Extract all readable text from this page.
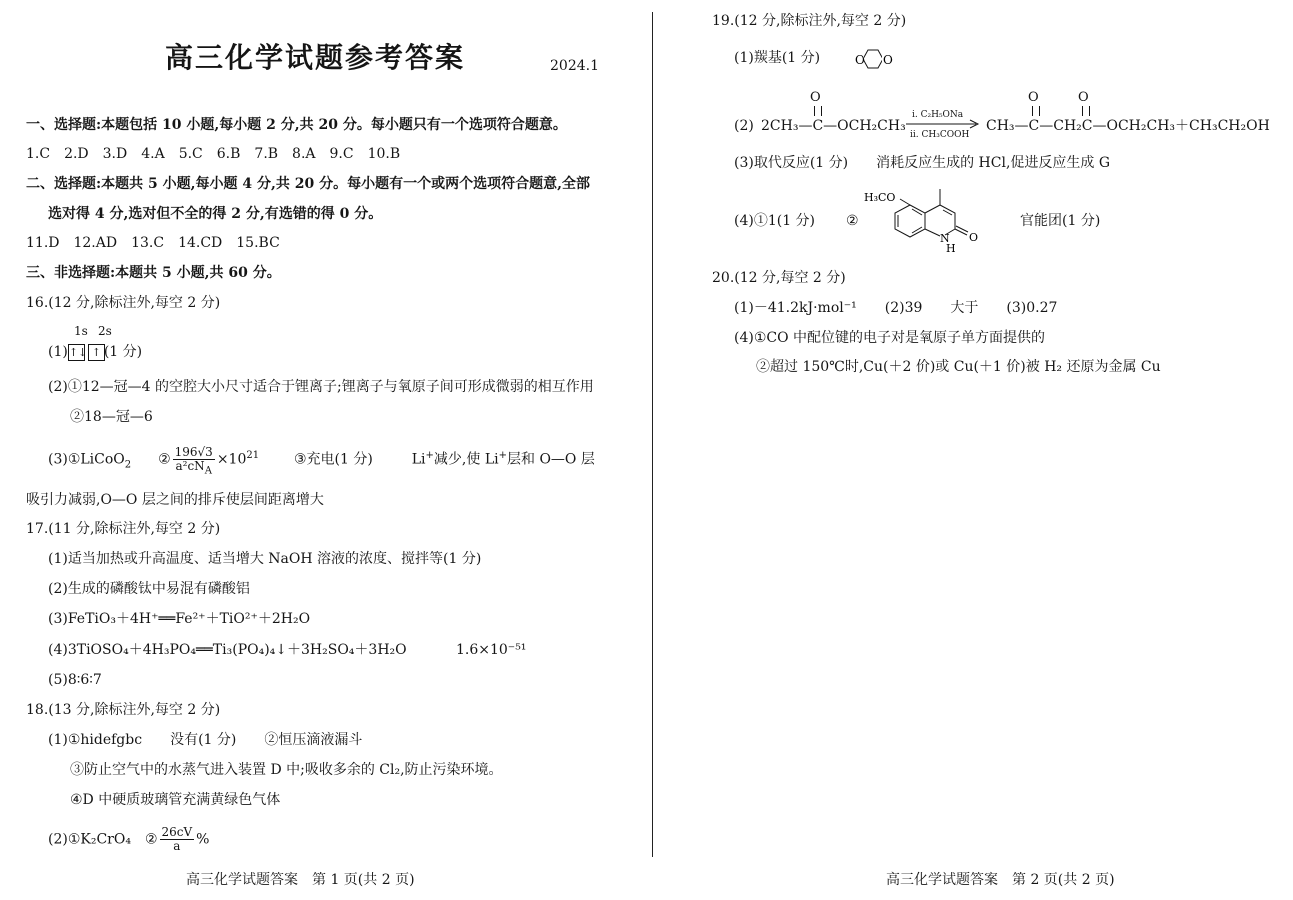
高三化学试题参考答案	2024.1
一、选择题:本题包括 10 小题,每小题 2 分,共 20 分。每小题只有一个选项符合题意。
1.C　2.D　3.D　4.A　5.C　6.B　7.B　8.A　9.C　10.B
二、选择题:本题共 5 小题,每小题 4 分,共 20 分。每小题有一个或两个选项符合题意,全部
选对得 4 分,选对但不全的得 2 分,有选错的得 0 分。
11.D　12.AD　13.C　14.CD　15.BC
三、非选择题:本题共 5 小题,共 60 分。
16.(12 分,除标注外,每空 2 分)
1s 2s
(1)↑↓ ↑ (1 分)
(2)①12—冠—4 的空腔大小尺寸适合于锂离子;锂离子与氧原子间可形成微弱的相互作用
②18—冠—6
(3)①LiCoO$_2$ ② $\frac{196√3}{a^2cN_A} \times 10^{21}$ ③充电(1 分)	Li+减少,使 Li+层和 O—O 层
吸引力减弱,O—O 层之间的排斥使层间距离增大
17.(11 分,除标注外,每空 2 分)
(1)适当加热或升高温度、适当增大 NaOH 溶液的浓度、搅拌等(1 分)
(2)生成的磷酸钛中易混有磷酸铝
(3)FeTiO₃＋4H⁺══Fe²⁺＋TiO²⁺＋2H₂O
(4)3TiOSO₄＋4H₃PO₄══Ti₃(PO₄)₄↓＋3H₂SO₄＋3H₂O	1.6×10⁻⁵¹
(5)8∶6∶7
18.(13 分,除标注外,每空 2 分)
(1)①hidefgbc　　没有(1 分)　　②恒压滴液漏斗
③防止空气中的水蒸气进入装置 D 中;吸收多余的 Cl₂,防止污染环境。
④D 中硬质玻璃管充满黄绿色气体
(2)①K₂CrO₄　② $\frac{26cV}{a}$ %
高三化学试题答案　第 1 页(共 2 页)
19.(12 分,除标注外,每空 2 分)
(1)羰基(1 分)	O O
(2) 2CH₃—C—OCH₂CH₃
O
i. C₂H₅ONa
ii. CH₃COOH
CH₃—C—CH₂C—OCH₂CH₃＋CH₃CH₂OH
O	O
(3)取代反应(1 分)　　消耗反应生成的 HCl,促进反应生成 G
(4)①1(1 分) ②
H₃CO
N
H
O
官能团(1 分)
20.(12 分,每空 2 分)
(1)－41.2kJ·mol⁻¹　　(2)39　　大于　　(3)0.27
(4)①CO 中配位键的电子对是氧原子单方面提供的
②超过 150℃时,Cu(＋2 价)或 Cu(＋1 价)被 H₂ 还原为金属 Cu
高三化学试题答案　第 2 页(共 2 页)
